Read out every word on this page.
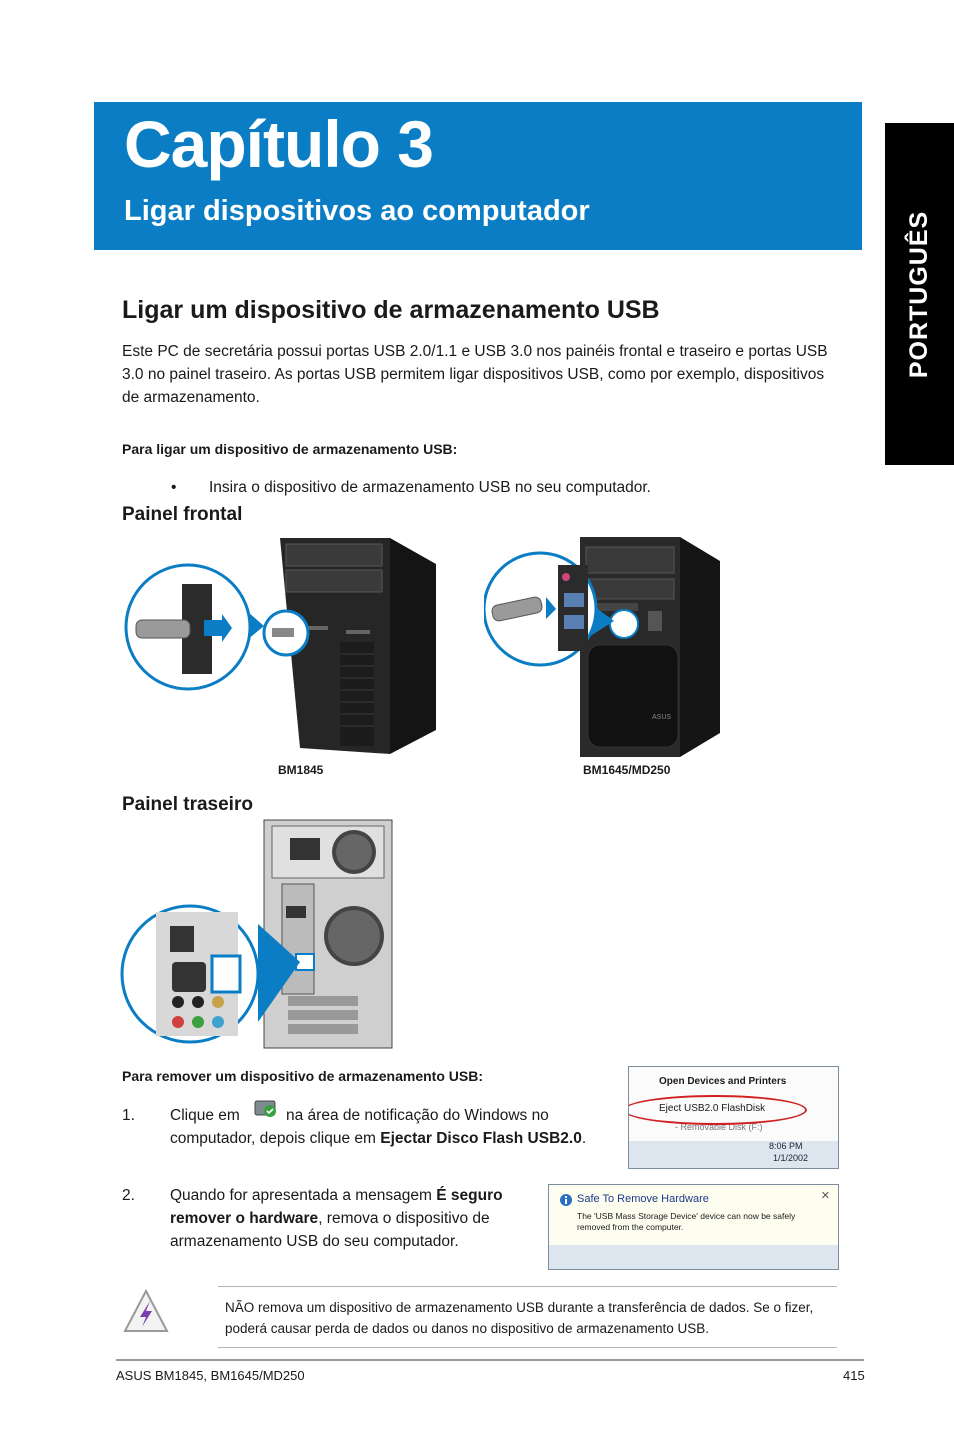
Capítulo 3
Ligar dispositivos ao computador	PORTUGUÊS
Ligar um dispositivo de armazenamento USB
Este PC de secretária possui portas USB 2.0/1.1 e USB 3.0 nos painéis frontal e traseiro e portas USB 3.0 no painel traseiro. As portas USB permitem ligar dispositivos USB, como por exemplo, dispositivos de armazenamento.
Para ligar um dispositivo de armazenamento USB:
• Insira o dispositivo de armazenamento USB no seu computador.
Painel frontal
BM1845
ASUS
BM1645/MD250
Painel traseiro
Para remover um dispositivo de armazenamento USB:
1. Clique em	na área de notificação do Windows no
computador, depois clique em Ejectar Disco Flash USB2.0.
2. Quando for apresentada a mensagem É seguro remover o hardware, remova o dispositivo de armazenamento USB do seu computador.
Open Devices and Printers
Eject USB2.0 FlashDisk
- Removable Disk (F:)
8:06 PM
1/1/2002
Safe To Remove Hardware
The 'USB Mass Storage Device' device can now be safely removed from the computer.
✕
NÃO remova um dispositivo de armazenamento USB durante a transferência de dados. Se o fizer, poderá causar perda de dados ou danos no dispositivo de armazenamento USB.
ASUS BM1845, BM1645/MD250	415
